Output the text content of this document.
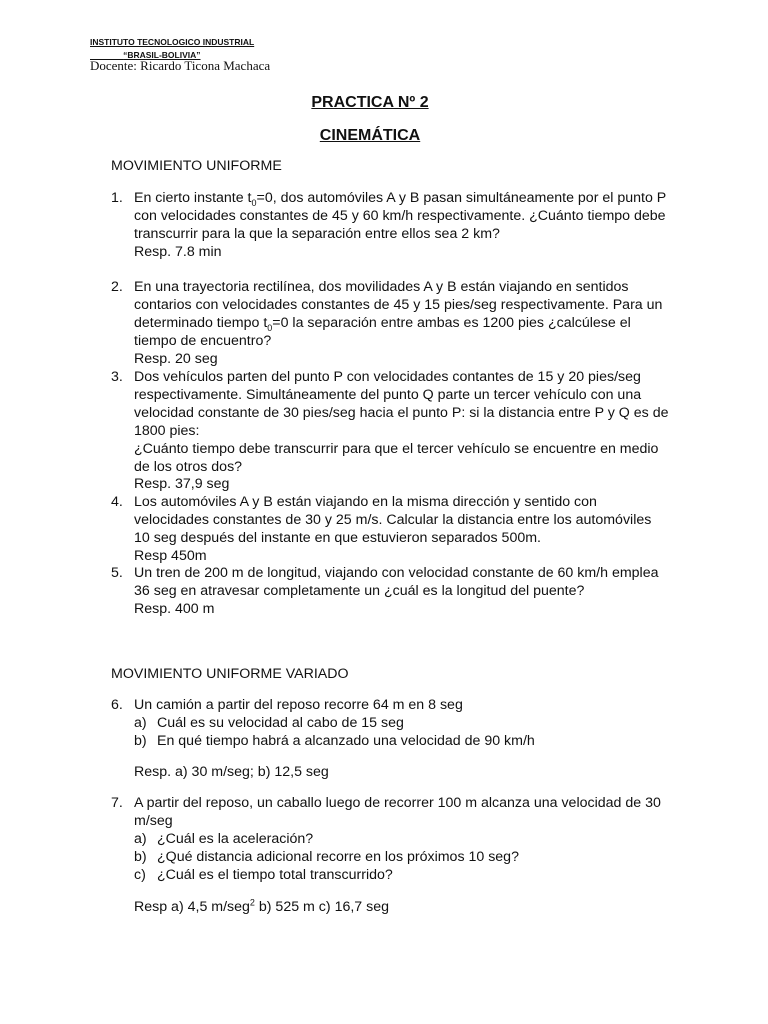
INSTITUTO TECNOLOGICO INDUSTRIAL
“BRASIL-BOLIVIA”
Docente: Ricardo Ticona Machaca
PRACTICA Nº 2
CINEMÁTICA
MOVIMIENTO UNIFORME
1. En cierto instante $t_0=0$, dos automóviles A y B pasan simultáneamente por el punto P con velocidades constantes de 45 y 60 km/h respectivamente. ¿Cuánto tiempo debe transcurrir para la que la separación entre ellos sea 2 km?
Resp. 7.8 min
2. En una trayectoria rectilínea, dos movilidades A y B están viajando en sentidos contarios con velocidades constantes de 45 y 15 pies/seg respectivamente. Para un determinado tiempo $t_0=0$ la separación entre ambas es 1200 pies ¿calcúlese el tiempo de encuentro?
Resp. 20 seg
3. Dos vehículos parten del punto P con velocidades contantes de 15 y 20 pies/seg respectivamente. Simultáneamente del punto Q parte un tercer vehículo con una velocidad constante de 30 pies/seg hacia el punto P: si la distancia entre P y Q es de 1800 pies:
¿Cuánto tiempo debe transcurrir para que el tercer vehículo se encuentre en medio de los otros dos?
Resp. 37,9 seg
4. Los automóviles A y B están viajando en la misma dirección y sentido con velocidades constantes de 30 y 25 m/s. Calcular la distancia entre los automóviles 10 seg después del instante en que estuvieron separados 500m.
Resp 450m
5. Un tren de 200 m de longitud, viajando con velocidad constante de 60 km/h emplea 36 seg en atravesar completamente un ¿cuál es la longitud del puente?
Resp. 400 m
MOVIMIENTO UNIFORME VARIADO
6. Un camión a partir del reposo recorre 64 m en 8 seg
a) Cuál es su velocidad al cabo de 15 seg
b) En qué tiempo habrá a alcanzado una velocidad de 90 km/h
Resp. a) 30 m/seg; b) 12,5 seg
7. A partir del reposo, un caballo luego de recorrer 100 m alcanza una velocidad de 30 m/seg
a) ¿Cuál es la aceleración?
b) ¿Qué distancia adicional recorre en los próximos 10 seg?
c) ¿Cuál es el tiempo total transcurrido?
Resp a) 4,5 m/seg$^2$ b) 525 m c) 16,7 seg
